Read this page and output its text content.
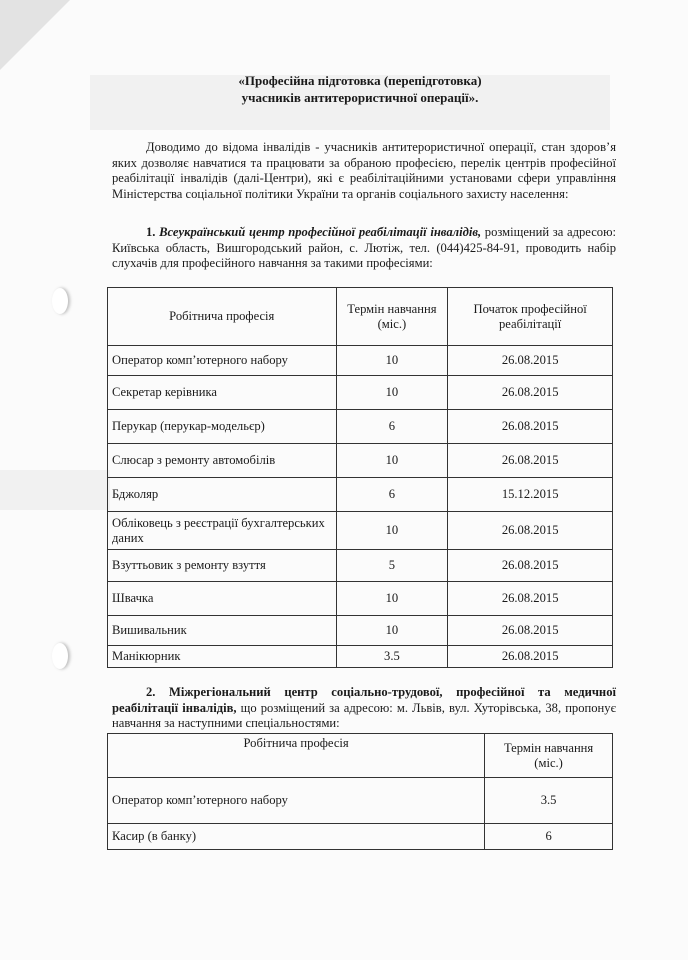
«Професійна підготовка (перепідготовка)
учасників антитерористичної операції».

Доводимо до відома інвалідів - учасників антитерористичної операції, стан здоров’я яких дозволяє навчатися та працювати за обраною професією, перелік центрів професійної реабілітації інвалідів (далі-Центри), які є реабілітаційними установами сфери управління Міністерства соціальної політики України та органів соціального захисту населення:

1. Всеукраїнський центр професійної реабілітації інвалідів, розміщений за адресою: Київська область, Вишгородський район, с. Лютіж, тел. (044)425-84-91, проводить набір слухачів для професійного навчання за такими професіями:

Робітнича професія	Термін навчання (міс.)	Початок професійної реабілітації
Оператор комп’ютерного набору	10	26.08.2015
Секретар керівника	10	26.08.2015
Перукар (перукар-модельєр)	6	26.08.2015
Слюсар з ремонту автомобілів	10	26.08.2015
Бджоляр	6	15.12.2015
Обліковець з реєстрації бухгалтерських даних	10	26.08.2015
Взуттьовик з ремонту взуття	5	26.08.2015
Швачка	10	26.08.2015
Вишивальник	10	26.08.2015
Манікюрник	3.5	26.08.2015

2. Міжрегіональний центр соціально-трудової, професійної та медичної реабілітації інвалідів, що розміщений за адресою: м. Львів, вул. Хуторівська, 38, пропонує навчання за наступними спеціальностями:

Робітнича професія	Термін навчання (міс.)
Оператор комп’ютерного набору	3.5
Касир (в банку)	6
